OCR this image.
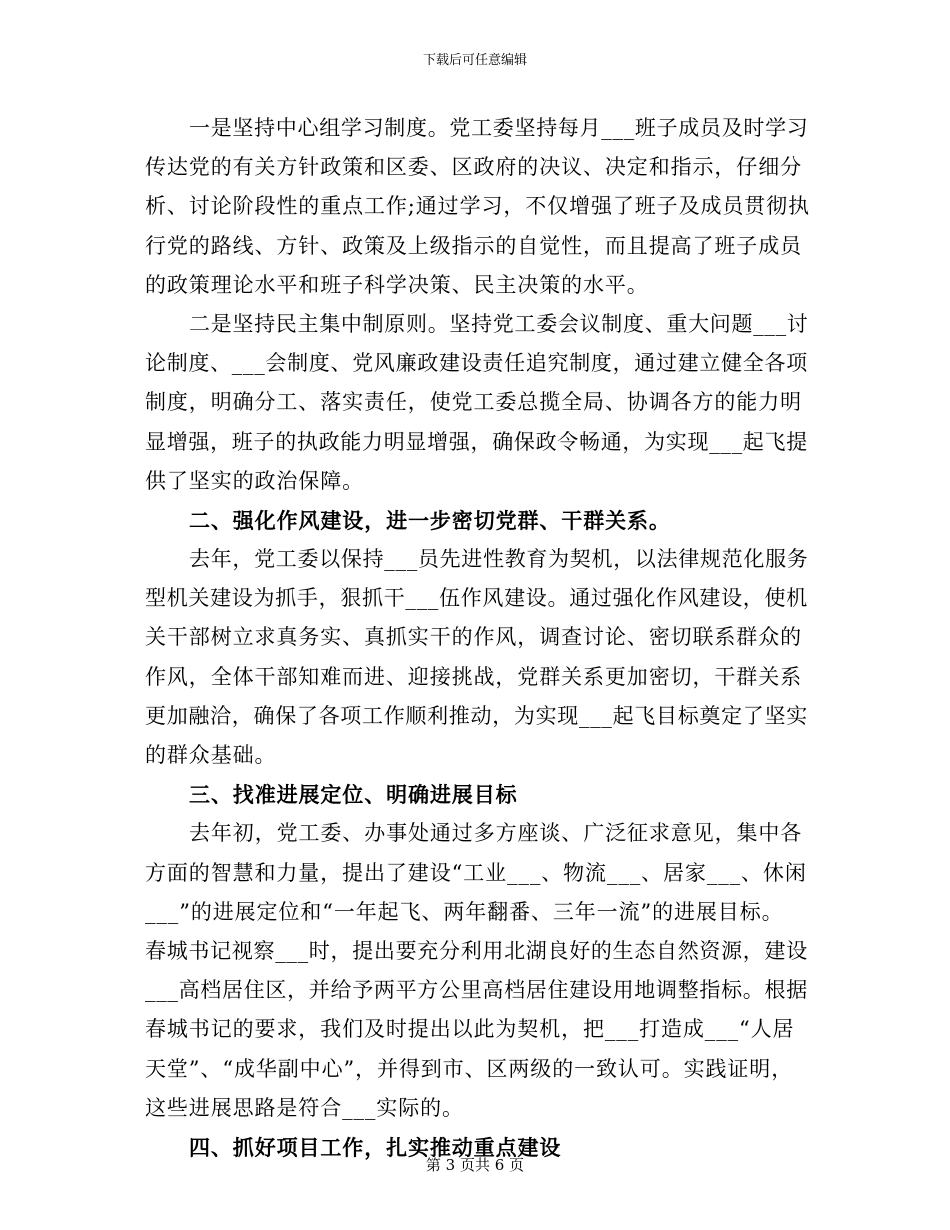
下载后可任意编辑
一是坚持中心组学习制度。党工委坚持每月___班子成员及时学习
传达党的有关方针政策和区委、区政府的决议、决定和指示，仔细分
析、讨论阶段性的重点工作;通过学习，不仅增强了班子及成员贯彻执
行党的路线、方针、政策及上级指示的自觉性，而且提高了班子成员
的政策理论水平和班子科学决策、民主决策的水平。
二是坚持民主集中制原则。坚持党工委会议制度、重大问题___讨
论制度、___会制度、党风廉政建设责任追究制度，通过建立健全各项
制度，明确分工、落实责任，使党工委总揽全局、协调各方的能力明
显增强，班子的执政能力明显增强，确保政令畅通，为实现___起飞提
供了坚实的政治保障。
二、强化作风建设，进一步密切党群、干群关系。
去年，党工委以保持___员先进性教育为契机，以法律规范化服务
型机关建设为抓手，狠抓干___伍作风建设。通过强化作风建设，使机
关干部树立求真务实、真抓实干的作风，调查讨论、密切联系群众的
作风，全体干部知难而进、迎接挑战，党群关系更加密切，干群关系
更加融洽，确保了各项工作顺利推动，为实现___起飞目标奠定了坚实
的群众基础。
三、找准进展定位、明确进展目标
去年初，党工委、办事处通过多方座谈、广泛征求意见，集中各
方面的智慧和力量，提出了建设“工业___、物流___、居家___、休闲
___”的进展定位和“一年起飞、两年翻番、三年一流”的进展目标。
春城书记视察___时，提出要充分利用北湖良好的生态自然资源，建设
___高档居住区，并给予两平方公里高档居住建设用地调整指标。根据
春城书记的要求，我们及时提出以此为契机，把___打造成___“人居
天堂”、“成华副中心”，并得到市、区两级的一致认可。实践证明，
这些进展思路是符合___实际的。
四、抓好项目工作，扎实推动重点建设
第 3 页共 6 页
